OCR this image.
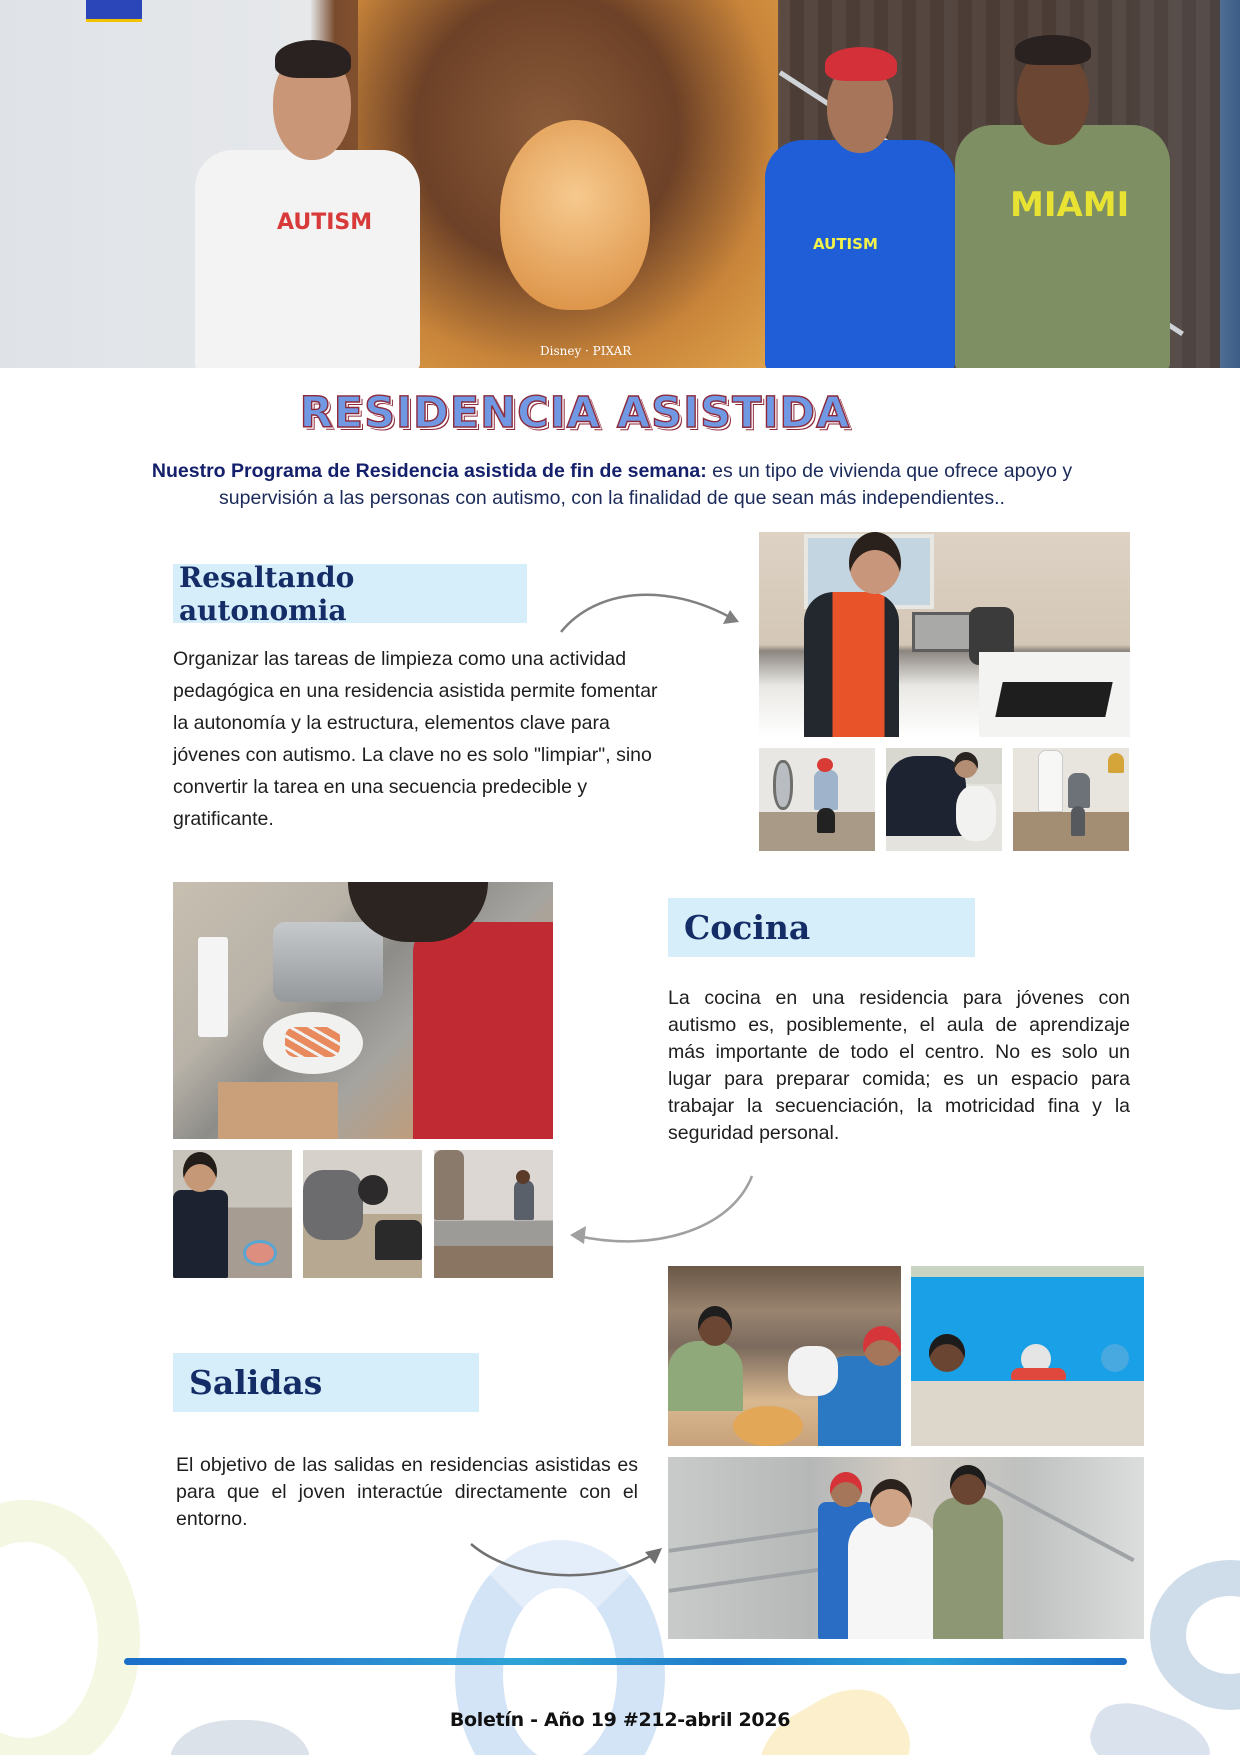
AUTISM
AUTISM
MIAMI
Disney · PIXAR
RESIDENCIA ASISTIDA

Nuestro Programa de Residencia asistida de fin de semana: es un tipo de vivienda que ofrece apoyo y supervisión a las personas con autismo, con la finalidad de que sean más independientes..

Resaltando autonomia

Organizar las tareas de limpieza como una actividad pedagógica en una residencia asistida permite fomentar la autonomía y la estructura, elementos clave para jóvenes con autismo. La clave no es solo "limpiar", sino convertir la tarea en una secuencia predecible y gratificante.

Cocina

La cocina en una residencia para jóvenes con autismo es, posiblemente, el aula de aprendizaje más importante de todo el centro. No es solo un lugar para preparar comida; es un espacio para trabajar la secuenciación, la motricidad fina y la seguridad personal.

Salidas

El objetivo de las salidas en residencias asistidas es para que el joven interactúe directamente con el entorno.

Boletín - Año 19 #212-abril 2026
